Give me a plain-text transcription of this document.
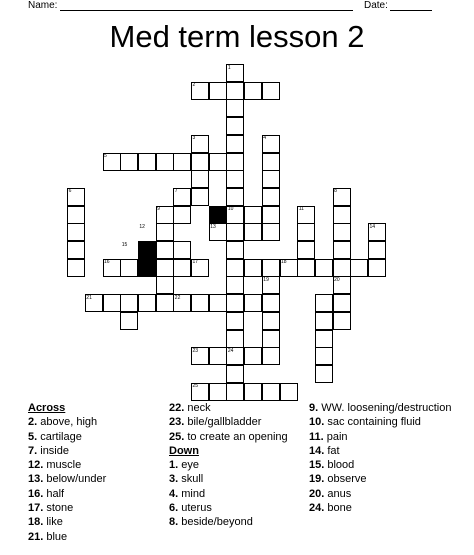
Name:	Date:
Med term lesson 2
1
2
3	4
5
6	7	8
9	10	11
12	13	14
15
16	17	18
19	20
21	22
23	24
25
Across
2. above, high
5. cartilage
7. inside
12. muscle
13. below/under
16. half
17. stone
18. like
21. blue
22. neck
23. bile/gallbladder
25. to create an opening
Down
1. eye
3. skull
4. mind
6. uterus
8. beside/beyond
9. WW. loosening/destruction
10. sac containing fluid
11. pain
14. fat
15. blood
19. observe
20. anus
24. bone
